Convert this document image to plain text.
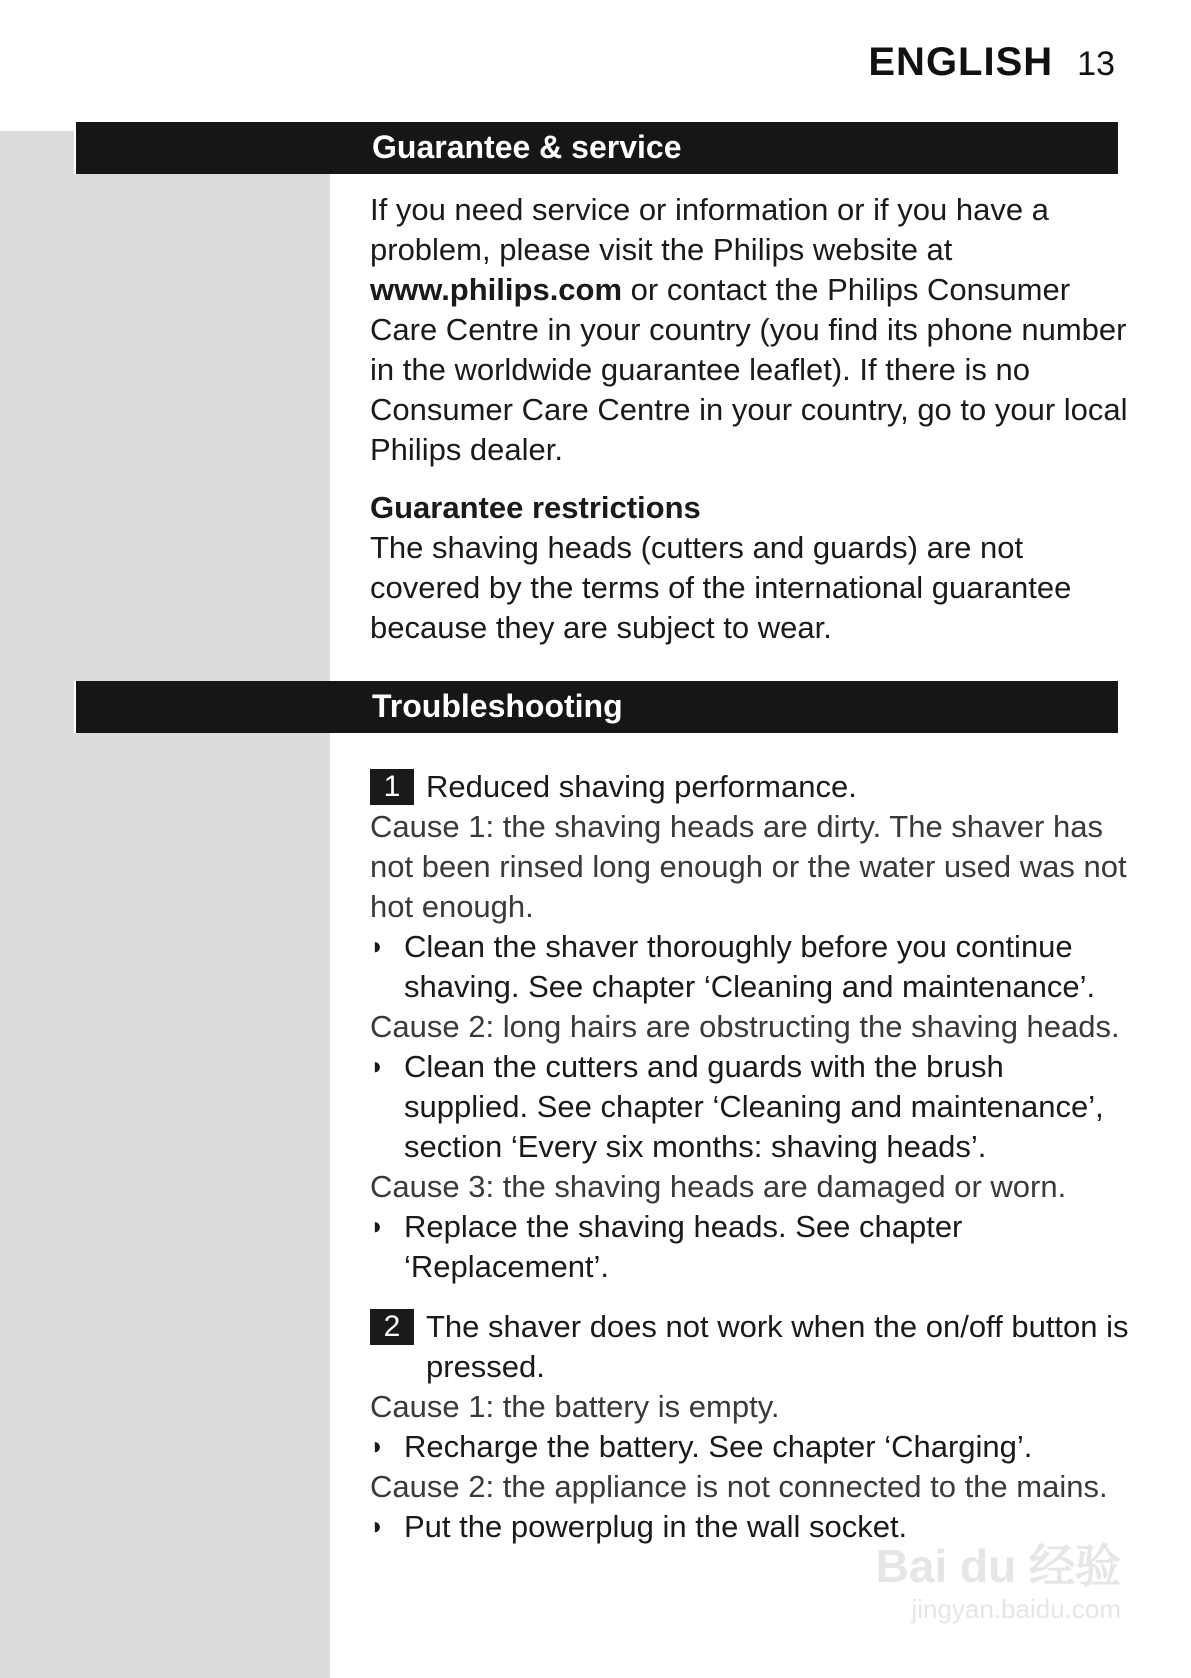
ENGLISH 13
Guarantee & service

If you need service or information or if you have a problem, please visit the Philips website at www.philips.com or contact the Philips Consumer Care Centre in your country (you find its phone number in the worldwide guarantee leaflet). If there is no Consumer Care Centre in your country, go to your local Philips dealer.

Guarantee restrictions

The shaving heads (cutters and guards) are not covered by the terms of the international guarantee because they are subject to wear.

Troubleshooting
1 Reduced shaving performance.
Cause 1: the shaving heads are dirty. The shaver has not been rinsed long enough or the water used was not hot enough.
◗ Clean the shaver thoroughly before you continue shaving. See chapter ‘Cleaning and maintenance’.
Cause 2: long hairs are obstructing the shaving heads.
◗ Clean the cutters and guards with the brush supplied. See chapter ‘Cleaning and maintenance’, section ‘Every six months: shaving heads’.
Cause 3: the shaving heads are damaged or worn.
◗ Replace the shaving heads. See chapter ‘Replacement’.
2 The shaver does not work when the on/off button is pressed.
Cause 1: the battery is empty.
◗ Recharge the battery. See chapter ‘Charging’.
Cause 2: the appliance is not connected to the mains.
◗ Put the powerplug in the wall socket.
Bai du 经验
jingyan.baidu.com
